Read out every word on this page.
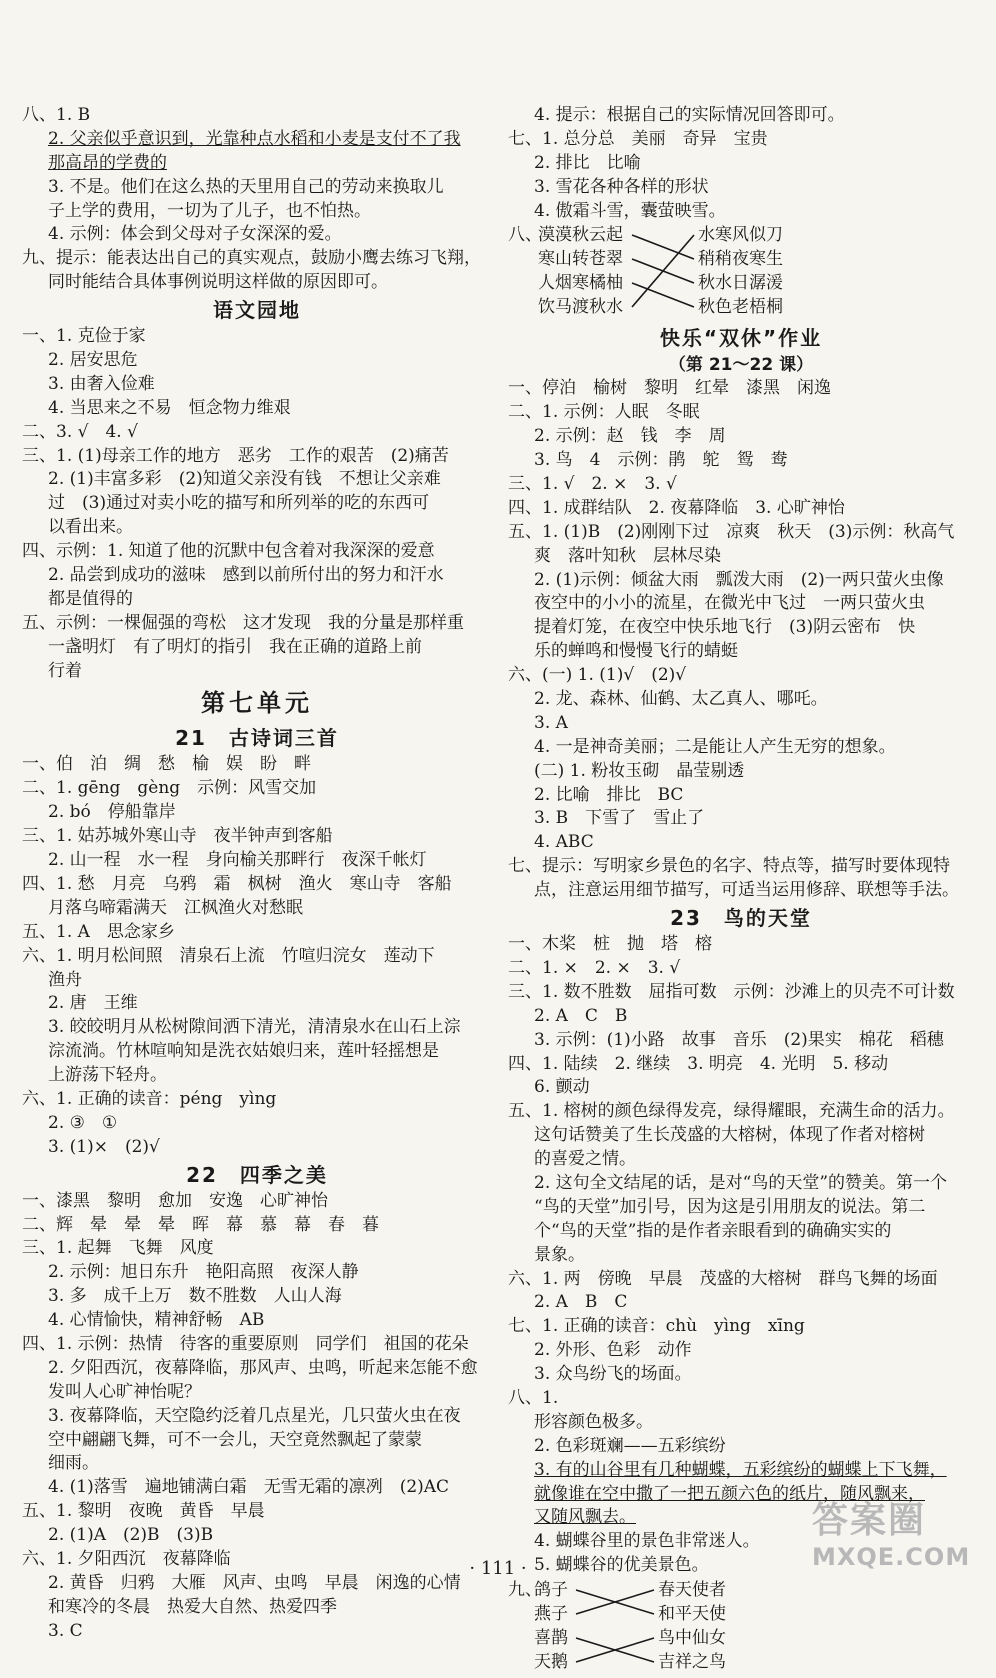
八、1. B
2. 父亲似乎意识到，光靠种点水稻和小麦是支付不了我
那高昂的学费的
3. 不是。他们在这么热的天里用自己的劳动来换取儿
子上学的费用，一切为了儿子，也不怕热。
4. 示例：体会到父母对子女深深的爱。
九、提示：能表达出自己的真实观点，鼓励小鹰去练习飞翔，
同时能结合具体事例说明这样做的原因即可。
语文园地
一、1. 克俭于家
2. 居安思危
3. 由奢入俭难
4. 当思来之不易　恒念物力维艰
二、3. √　4. √
三、1. (1)母亲工作的地方　恶劣　工作的艰苦　(2)痛苦
2. (1)丰富多彩　(2)知道父亲没有钱　不想让父亲难
过　(3)通过对卖小吃的描写和所列举的吃的东西可
以看出来。
四、示例：1. 知道了他的沉默中包含着对我深深的爱意
2. 品尝到成功的滋味　感到以前所付出的努力和汗水
都是值得的
五、示例：一棵倔强的弯松　这才发现　我的分量是那样重
一盏明灯　有了明灯的指引　我在正确的道路上前
行着
第七单元
21　古诗词三首
一、伯　泊　绸　愁　榆　娱　盼　畔
二、1. gēng　gèng　示例：风雪交加
2. bó　停船靠岸
三、1. 姑苏城外寒山寺　夜半钟声到客船
2. 山一程　水一程　身向榆关那畔行　夜深千帐灯
四、1. 愁　月亮　乌鸦　霜　枫树　渔火　寒山寺　客船
月落乌啼霜满天　江枫渔火对愁眠
五、1. A　思念家乡
六、1. 明月松间照　清泉石上流　竹喧归浣女　莲动下
渔舟
2. 唐　王维
3. 皎皎明月从松树隙间洒下清光，清清泉水在山石上淙
淙流淌。竹林喧响知是洗衣姑娘归来，莲叶轻摇想是
上游荡下轻舟。
六、1. 正确的读音：péng　yìng
2. ③　①
3. (1)×　(2)√
22　四季之美
一、漆黑　黎明　愈加　安逸　心旷神怡
二、辉　晕　晕　晕　晖　幕　慕　幕　春　暮
三、1. 起舞　飞舞　风度
2. 示例：旭日东升　艳阳高照　夜深人静
3. 多　成千上万　数不胜数　人山人海
4. 心情愉快，精神舒畅　AB
四、1. 示例：热情　待客的重要原则　同学们　祖国的花朵
2. 夕阳西沉，夜幕降临，那风声、虫鸣，听起来怎能不愈
发叫人心旷神怡呢？
3. 夜幕降临，天空隐约泛着几点星光，几只萤火虫在夜
空中翩翩飞舞，可不一会儿，天空竟然飘起了蒙蒙
细雨。
4. (1)落雪　遍地铺满白霜　无雪无霜的凛冽　(2)AC
五、1. 黎明　夜晚　黄昏　早晨
2. (1)A　(2)B　(3)B
六、1. 夕阳西沉　夜幕降临
2. 黄昏　归鸦　大雁　风声、虫鸣　早晨　闲逸的心情
和寒冷的冬晨　热爱大自然、热爱四季
3. C
4. 提示：根据自己的实际情况回答即可。
七、1. 总分总　美丽　奇异　宝贵
2. 排比　比喻
3. 雪花各种各样的形状
4. 傲霜斗雪，囊萤映雪。
八、
漠漠秋云起
寒山转苍翠
人烟寒橘柚
饮马渡秋水
水寒风似刀
稍稍夜寒生
秋水日潺湲
秋色老梧桐
快乐“双休”作业
（第 21～22 课）
一、停泊　榆树　黎明　红晕　漆黑　闲逸
二、1. 示例：人眠　冬眠
2. 示例：赵　钱　李　周
3. 鸟　4　示例：鹃　鸵　鸳　鸯
三、1. √　2. ×　3. √
四、1. 成群结队　2. 夜幕降临　3. 心旷神怡
五、1. (1)B　(2)刚刚下过　凉爽　秋天　(3)示例：秋高气
爽　落叶知秋　层林尽染
2. (1)示例：倾盆大雨　瓢泼大雨　(2)一两只萤火虫像
夜空中的小小的流星，在微光中飞过　一两只萤火虫
提着灯笼，在夜空中快乐地飞行　(3)阴云密布　快
乐的蝉鸣和慢慢飞行的蜻蜓
六、(一) 1. (1)√　(2)√
2. 龙、森林、仙鹤、太乙真人、哪吒。
3. A
4. 一是神奇美丽；二是能让人产生无穷的想象。
(二) 1. 粉妆玉砌　晶莹剔透
2. 比喻　排比　BC
3. B　下雪了　雪止了
4. ABC
七、提示：写明家乡景色的名字、特点等，描写时要体现特
点，注意运用细节描写，可适当运用修辞、联想等手法。
23　鸟的天堂
一、木桨　桩　抛　塔　榕
二、1. ×　2. ×　3. √
三、1. 数不胜数　屈指可数　示例：沙滩上的贝壳不可计数
2. A　C　B
3. 示例：(1)小路　故事　音乐　(2)果实　棉花　稻穗
四、1. 陆续　2. 继续　3. 明亮　4. 光明　5. 移动
6. 颤动
五、1. 榕树的颜色绿得发亮，绿得耀眼，充满生命的活力。
这句话赞美了生长茂盛的大榕树，体现了作者对榕树
的喜爱之情。
2. 这句全文结尾的话，是对“鸟的天堂”的赞美。第一个
“鸟的天堂”加引号，因为这是引用朋友的说法。第二
个“鸟的天堂”指的是作者亲眼看到的确确实实的
景象。
六、1. 两　傍晚　早晨　茂盛的大榕树　群鸟飞舞的场面
2. A　B　C
七、1. 正确的读音：chù　yìng　xīng
2. 外形、色彩　动作
3. 众鸟纷飞的场面。
八、1.
形容颜色极多。
2. 色彩斑斓——五彩缤纷
3. 有的山谷里有几种蝴蝶，五彩缤纷的蝴蝶上下飞舞，
就像谁在空中撒了一把五颜六色的纸片，随风飘来，
又随风飘去。
4. 蝴蝶谷里的景色非常迷人。
5. 蝴蝶谷的优美景色。
九、
鸽子
燕子
喜鹊
天鹅
春天使者
和平天使
鸟中仙女
吉祥之鸟
· 111 ·
答案圈
MXQE.COM
